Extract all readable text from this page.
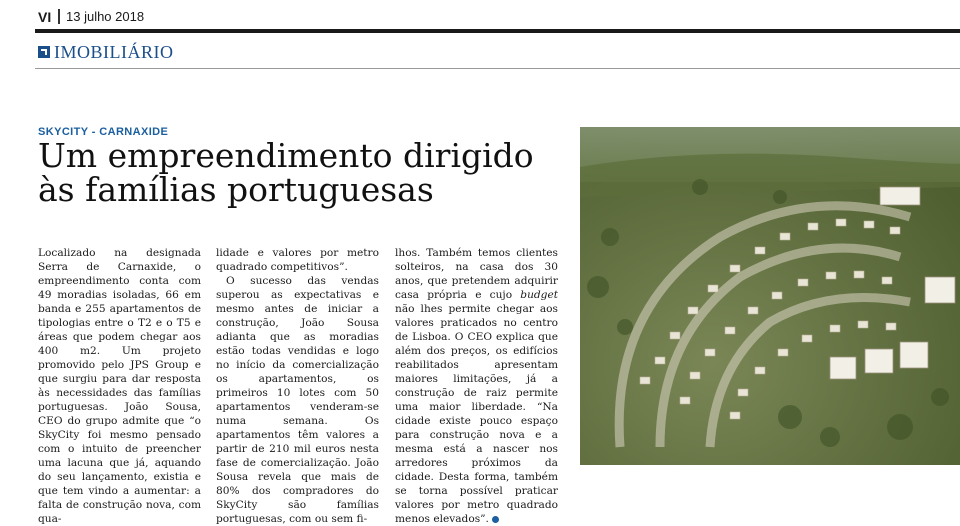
VI 13 julho 2018
IMOBILIÁRIO
SKYCITY - CARNAXIDE
Um empreendimento dirigido
às famílias portuguesas

Localizado na designada Serra de Carnaxide, o empreendimento conta com 49 moradias isoladas, 66 em banda e 255 apartamentos de tipologias entre o T2 e o T5 e áreas que podem chegar aos 400 m2. Um projeto promovido pelo JPS Group e que surgiu para dar resposta às necessidades das famílias portuguesas. João Sousa, CEO do grupo admite que “o SkyCity foi mesmo pensado com o intuito de preencher uma lacuna que já, aquando do seu lançamento, existia e que tem vindo a aumentar: a falta de construção nova, com qua-

lidade e valores por metro quadrado competitivos”.

O sucesso das vendas superou as expectativas e mesmo antes de iniciar a construção, João Sousa adianta que as moradias estão todas vendidas e logo no início da comercialização os apartamentos, os primeiros 10 lotes com 50 apartamentos venderam-se numa semana. Os apartamentos têm valores a partir de 210 mil euros nesta fase de comercialização. João Sousa revela que mais de 80% dos compradores do SkyCity são famílias portuguesas, com ou sem fi-

lhos. Também temos clientes solteiros, na casa dos 30 anos, que pretendem adquirir casa própria e cujo budget não lhes permite chegar aos valores praticados no centro de Lisboa. O CEO explica que além dos preços, os edifícios reabilitados apresentam maiores limitações, já a construção de raiz permite uma maior liberdade. “Na cidade existe pouco espaço para construção nova e a mesma está a nascer nos arredores próximos da cidade. Desta forma, também se torna possível praticar valores por metro quadrado menos elevados”.
